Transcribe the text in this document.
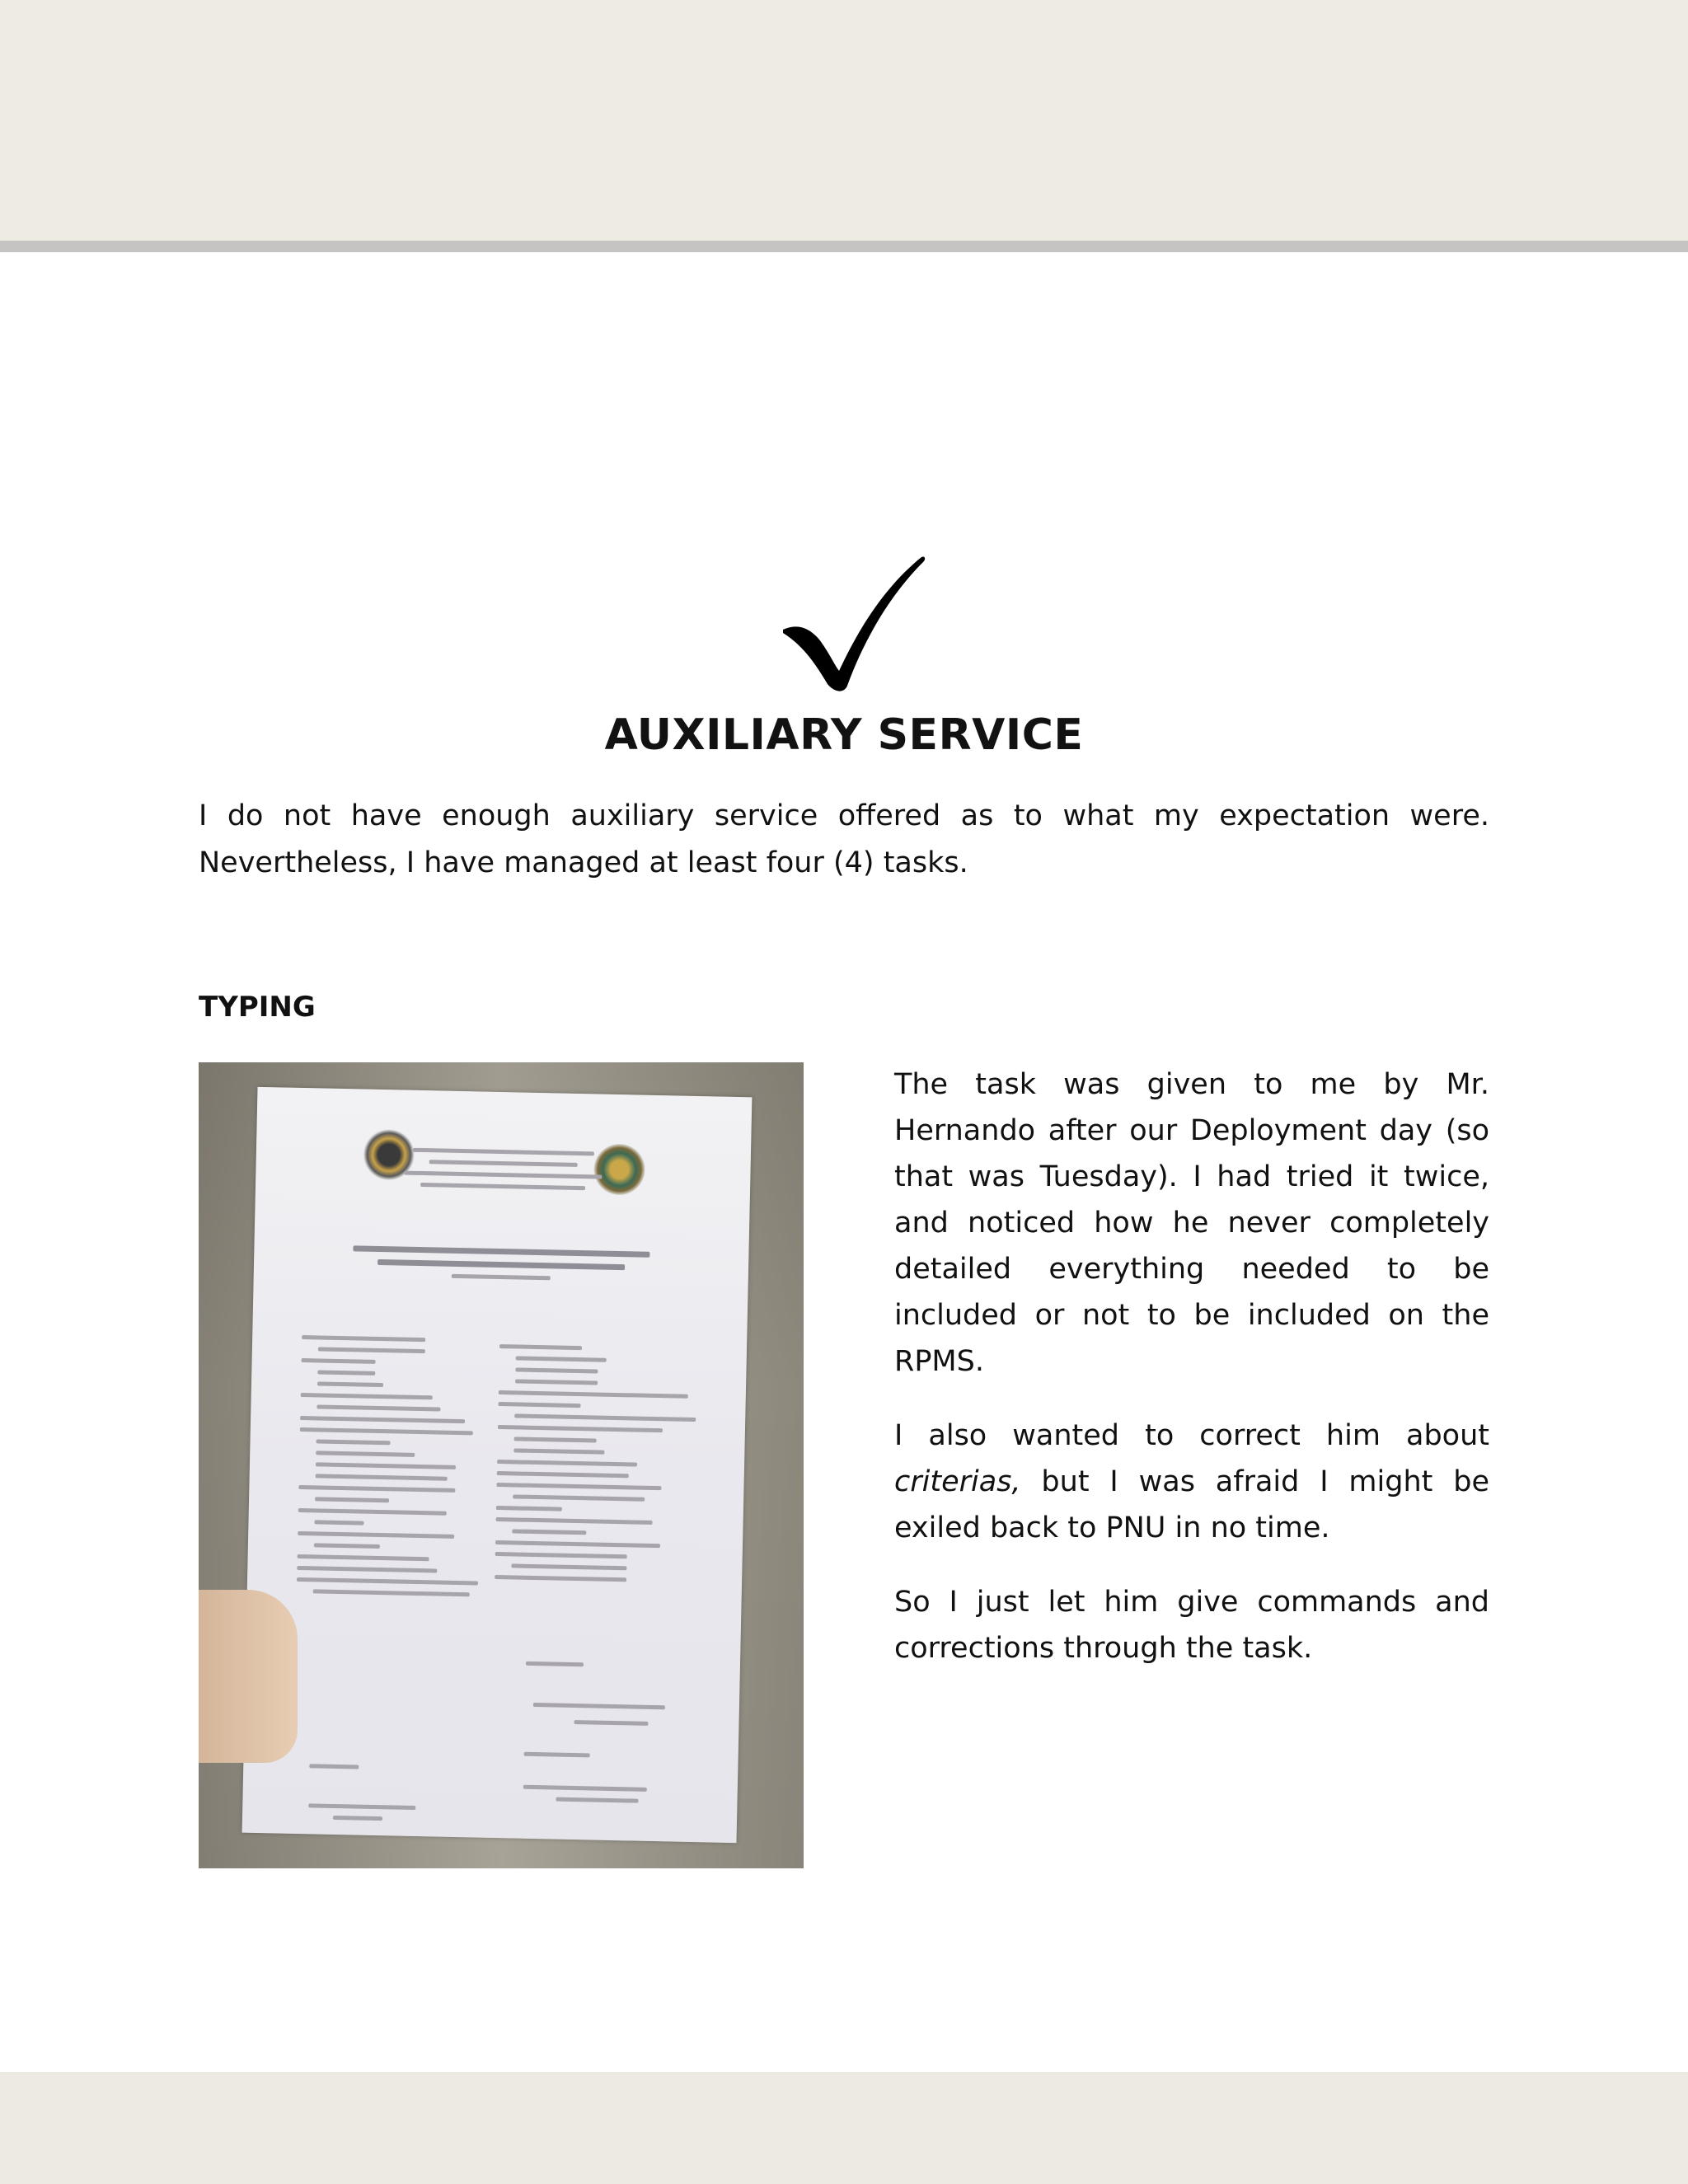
AUXILIARY SERVICE

I do not have enough auxiliary service offered as to what my expectation were. Nevertheless, I have managed at least four (4) tasks.

TYPING

The task was given to me by Mr. Hernando after our Deployment day (so that was Tuesday). I had tried it twice, and noticed how he never completely detailed everything needed to be included or not to be included on the RPMS.

I also wanted to correct him about criterias, but I was afraid I might be exiled back to PNU in no time.

So I just let him give commands and corrections through the task.
